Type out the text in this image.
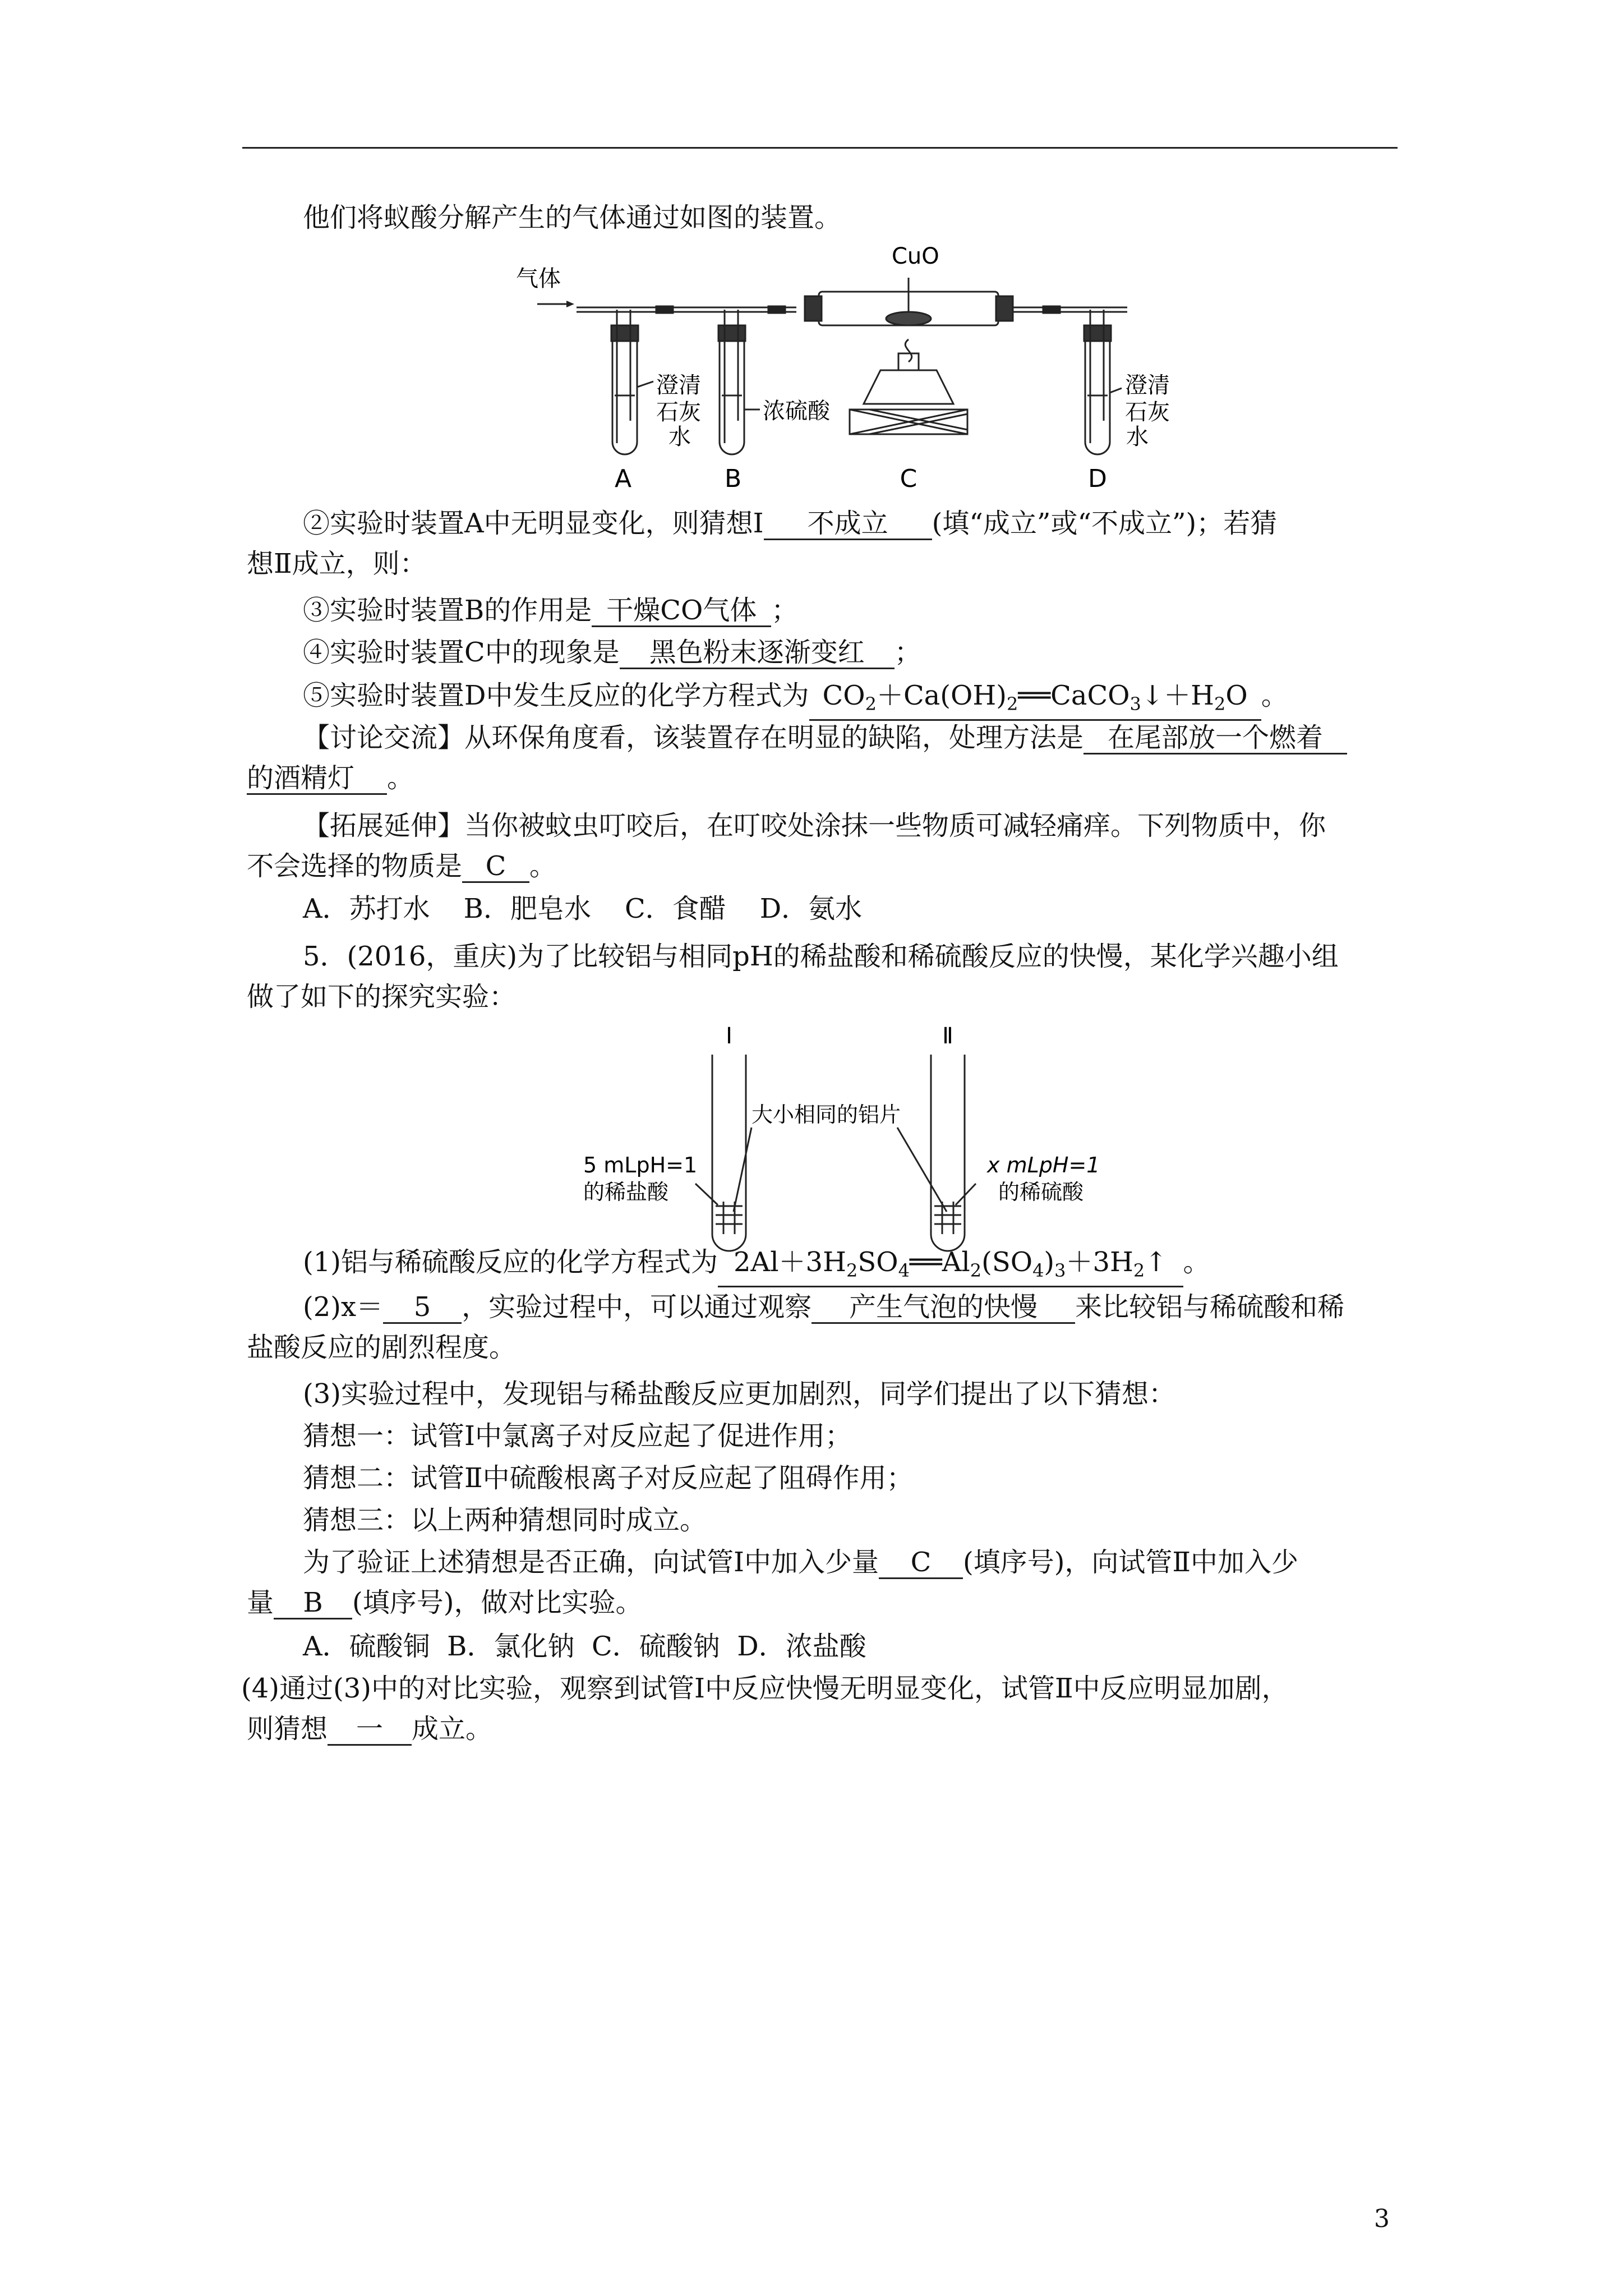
他们将蚁酸分解产生的气体通过如图的装置。
气体
CuO
澄清
石灰
水
浓硫酸
澄清
石灰
水
A	B	C	D
②实验时装置A中无明显变化，则猜想Ⅰ 不成立 (填“成立”或“不成立”)；若猜
想Ⅱ成立，则：
③实验时装置B的作用是 干燥CO气体 ；
④实验时装置C中的现象是 黑色粉末逐渐变红 ；
⑤实验时装置D中发生反应的化学方程式为 $CO_2+Ca(OH)_2══CaCO_3↓+H_2O$ 。
【讨论交流】从环保角度看，该装置存在明显的缺陷，处理方法是 在尾部放一个燃着
的酒精灯 。
【拓展延伸】当你被蚊虫叮咬后，在叮咬处涂抹一些物质可减轻痛痒。下列物质中，你
不会选择的物质是 C 。
A．苏打水 B．肥皂水 C．食醋 D．氨水
5．(2016，重庆)为了比较铝与相同pH的稀盐酸和稀硫酸反应的快慢，某化学兴趣小组
做了如下的探究实验：
Ⅰ	Ⅱ
5 mLpH=1
的稀盐酸
大小相同的铝片
x mLpH=1
的稀硫酸
(1)铝与稀硫酸反应的化学方程式为 $2Al+3H_2SO_4══Al_2(SO_4)_3+3H_2↑$ 。
(2)x＝ 5 ，实验过程中，可以通过观察 产生气泡的快慢 来比较铝与稀硫酸和稀
盐酸反应的剧烈程度。
(3)实验过程中，发现铝与稀盐酸反应更加剧烈，同学们提出了以下猜想：
猜想一：试管Ⅰ中氯离子对反应起了促进作用；
猜想二：试管Ⅱ中硫酸根离子对反应起了阻碍作用；
猜想三：以上两种猜想同时成立。
为了验证上述猜想是否正确，向试管Ⅰ中加入少量 C (填序号)，向试管Ⅱ中加入少
量 B (填序号)，做对比实验。
A．硫酸铜  B．氯化钠  C．硫酸钠  D．浓盐酸
(4)通过(3)中的对比实验，观察到试管Ⅰ中反应快慢无明显变化，试管Ⅱ中反应明显加剧，
则猜想 一 成立。
3
